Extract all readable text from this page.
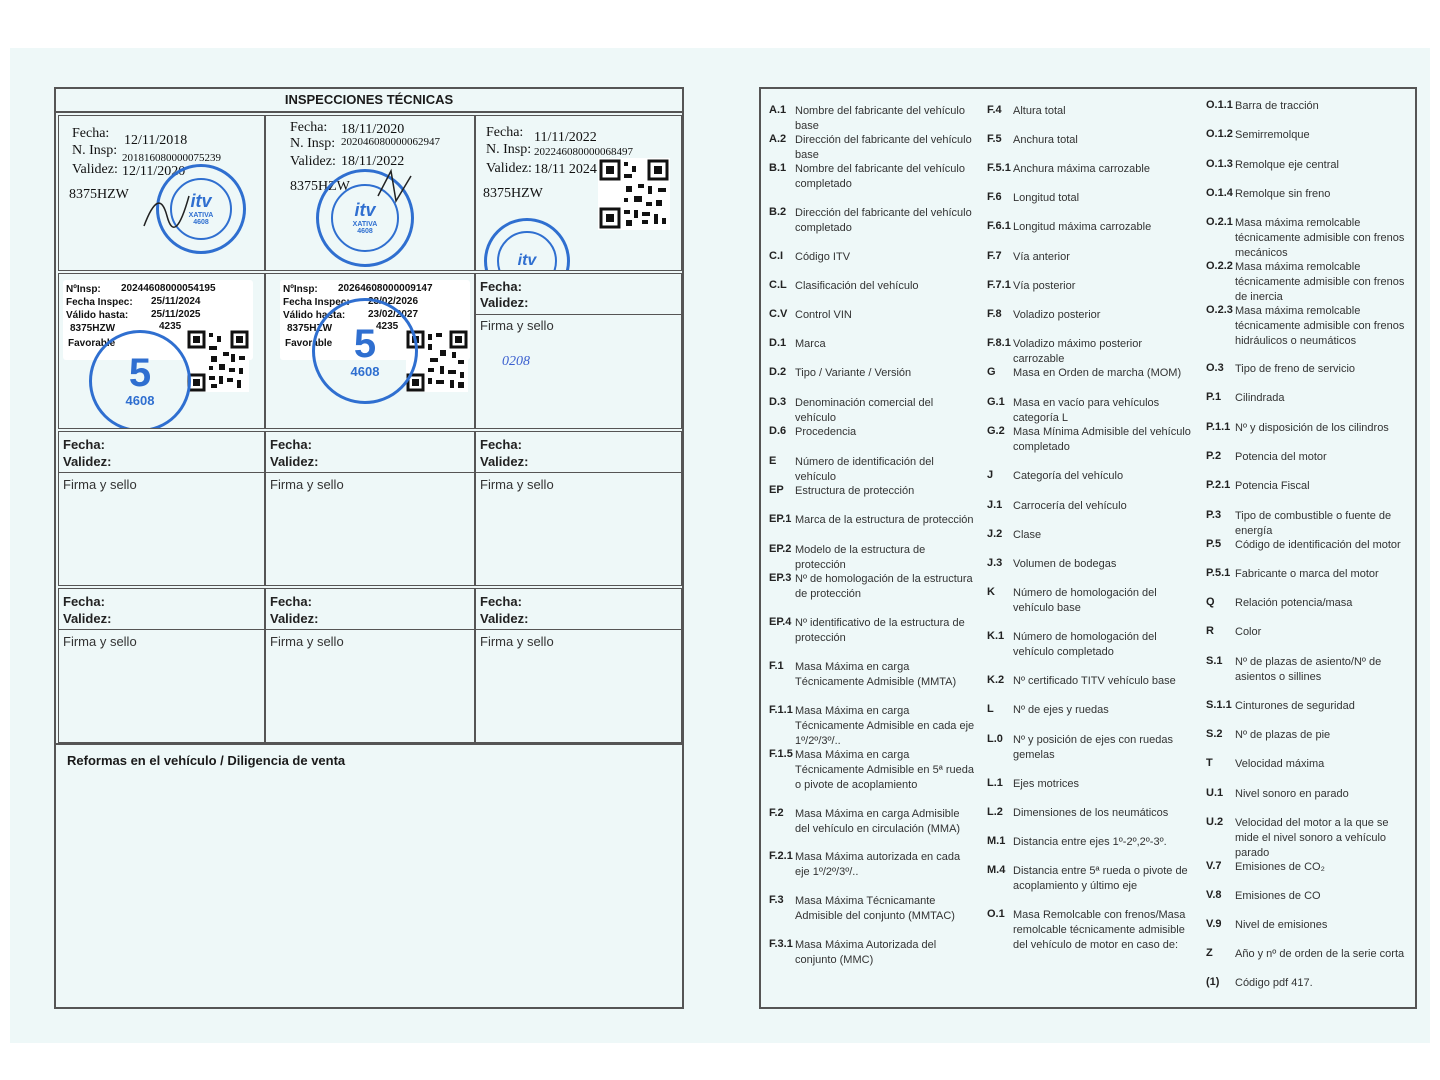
INSPECCIONES TÉCNICAS
Fecha: 12/11/2018
N. Insp: 201816080000075239
Validez: 12/11/2020
8375HZW	itv
XATIVA
4608
Fecha: 18/11/2020
N. Insp: 202046080000062947
Validez: 18/11/2022
8375HZW
itv
XATIVA
4608
Fecha: 11/11/2022
N. Insp: 202246080000068497
Validez: 18/11 2024
8375HZW
itv
NºInsp: 20244608000054195
Fecha Inspec: 25/11/2024
Válido hasta: 25/11/2025
8375HZW	4235
Favorable
5
4608
NºInsp: 20264608000009147
Fecha Inspec: 23/02/2026
Válido hasta: 23/02/2027
8375HZW	4235
Favorable 5
4608
Fecha:
Validez:
Firma y sello
0208
Fecha:
Validez:
Firma y sello
Fecha:
Validez:
Firma y sello
Fecha:
Validez:
Firma y sello
Fecha:
Validez:
Firma y sello
Fecha:
Validez:
Firma y sello
Fecha:
Validez:
Firma y sello
Reformas en el vehículo / Diligencia de venta
A.1 Nombre del fabricante del vehículo base
A.2 Dirección del fabricante del vehículo base
B.1 Nombre del fabricante del vehículo completado
B.2 Dirección del fabricante del vehículo completado
C.I Código ITV
C.L Clasificación del vehículo
C.V Control VIN
D.1 Marca
D.2 Tipo / Variante / Versión
D.3 Denominación comercial del vehículo
D.6 Procedencia
E Número de identificación del vehículo
EP Estructura de protección
EP.1 Marca de la estructura de protección
EP.2 Modelo de la estructura de protección
EP.3 Nº de homologación de la estructura de protección
EP.4 Nº identificativo de la estructura de protección
F.1 Masa Máxima en carga Técnicamente Admisible (MMTA)
F.1.1 Masa Máxima en carga Técnicamente Admisible en cada eje 1º/2º/3º/..
F.1.5 Masa Máxima en carga Técnicamente Admisible en 5ª rueda o pivote de acoplamiento
F.2 Masa Máxima en carga Admisible del vehículo en circulación (MMA)
F.2.1 Masa Máxima autorizada en cada eje 1º/2º/3º/..
F.3 Masa Máxima Técnicamante Admisible del conjunto (MMTAC)
F.3.1 Masa Máxima Autorizada del conjunto (MMC)
F.4 Altura total
F.5 Anchura total
F.5.1 Anchura máxima carrozable
F.6 Longitud total
F.6.1 Longitud máxima carrozable
F.7 Vía anterior
F.7.1 Vía posterior
F.8 Voladizo posterior
F.8.1 Voladizo máximo posterior carrozable
G Masa en Orden de marcha (MOM)
G.1 Masa en vacío para vehículos categoría L
G.2 Masa Mínima Admisible del vehículo completado
J Categoría del vehículo
J.1 Carrocería del vehículo
J.2 Clase
J.3 Volumen de bodegas
K Número de homologación del vehículo base
K.1 Número de homologación del vehículo completado
K.2 Nº certificado TITV vehículo base
L Nº de ejes y ruedas
L.0 Nº y posición de ejes con ruedas gemelas
L.1 Ejes motrices
L.2 Dimensiones de los neumáticos
M.1 Distancia entre ejes 1º-2º,2º-3º.
M.4 Distancia entre 5ª rueda o pivote de acoplamiento y último eje
O.1 Masa Remolcable con frenos/Masa remolcable técnicamente admisible del vehículo de motor en caso de:
O.1.1 Barra de tracción
O.1.2 Semirremolque
O.1.3 Remolque eje central
O.1.4 Remolque sin freno
O.2.1 Masa máxima remolcable técnicamente admisible con frenos mecánicos
O.2.2 Masa máxima remolcable técnicamente admisible con frenos de inercia
O.2.3 Masa máxima remolcable técnicamente admisible con frenos hidráulicos o neumáticos
O.3 Tipo de freno de servicio
P.1 Cilindrada
P.1.1 Nº y disposición de los cilindros
P.2 Potencia del motor
P.2.1 Potencia Fiscal
P.3 Tipo de combustible o fuente de energía
P.5 Código de identificación del motor
P.5.1 Fabricante o marca del motor
Q Relación potencia/masa
R Color
S.1 Nº de plazas de asiento/Nº de asientos o sillines
S.1.1 Cinturones de seguridad
S.2 Nº de plazas de pie
T Velocidad máxima
U.1 Nivel sonoro en parado
U.2 Velocidad del motor a la que se mide el nivel sonoro a vehículo parado
V.7 Emisiones de CO₂
V.8 Emisiones de CO
V.9 Nivel de emisiones
Z Año y nº de orden de la serie corta
(1) Código pdf 417.
